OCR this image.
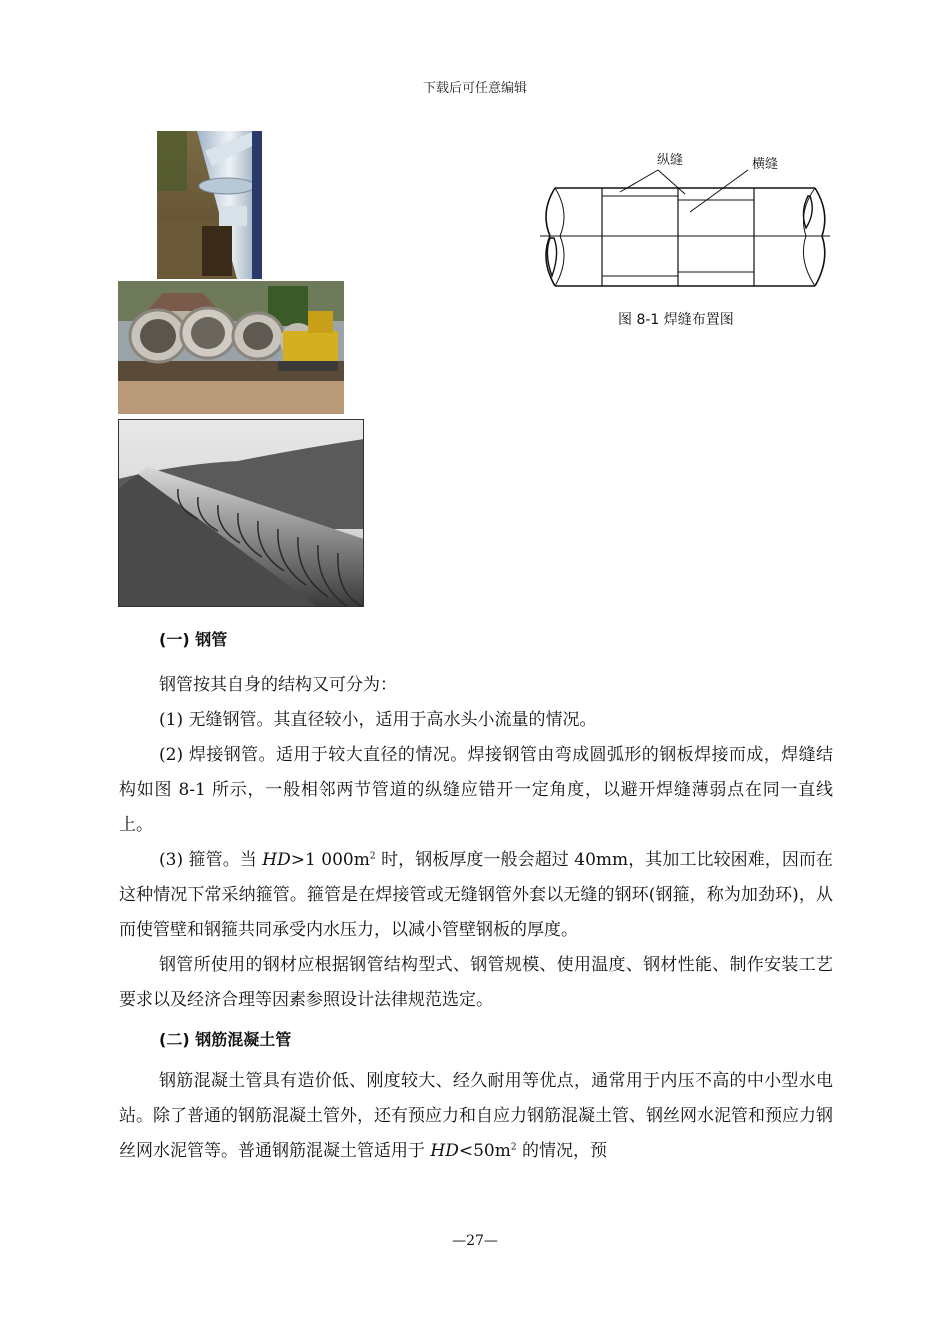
下载后可任意编辑
纵缝	横缝
图 8-1 焊缝布置图

(一) 钢管

钢管按其自身的结构又可分为：

(1) 无缝钢管。其直径较小，适用于高水头小流量的情况。

(2) 焊接钢管。适用于较大直径的情况。焊接钢管由弯成圆弧形的钢板焊接而成，焊缝结构如图 8-1 所示，一般相邻两节管道的纵缝应错开一定角度，以避开焊缝薄弱点在同一直线上。

(3) 箍管。当 HD>1 $000m^2$ 时，钢板厚度一般会超过 40mm，其加工比较困难，因而在这种情况下常采纳箍管。箍管是在焊接管或无缝钢管外套以无缝的钢环(钢箍，称为加劲环)，从而使管壁和钢箍共同承受内水压力，以减小管壁钢板的厚度。

钢管所使用的钢材应根据钢管结构型式、钢管规模、使用温度、钢材性能、制作安装工艺要求以及经济合理等因素参照设计法律规范选定。

(二) 钢筋混凝土管

钢筋混凝土管具有造价低、刚度较大、经久耐用等优点，通常用于内压不高的中小型水电站。除了普通的钢筋混凝土管外，还有预应力和自应力钢筋混凝土管、钢丝网水泥管和预应力钢丝网水泥管等。普通钢筋混凝土管适用于 $HD<50m^2$ 的情况，预

—27—
